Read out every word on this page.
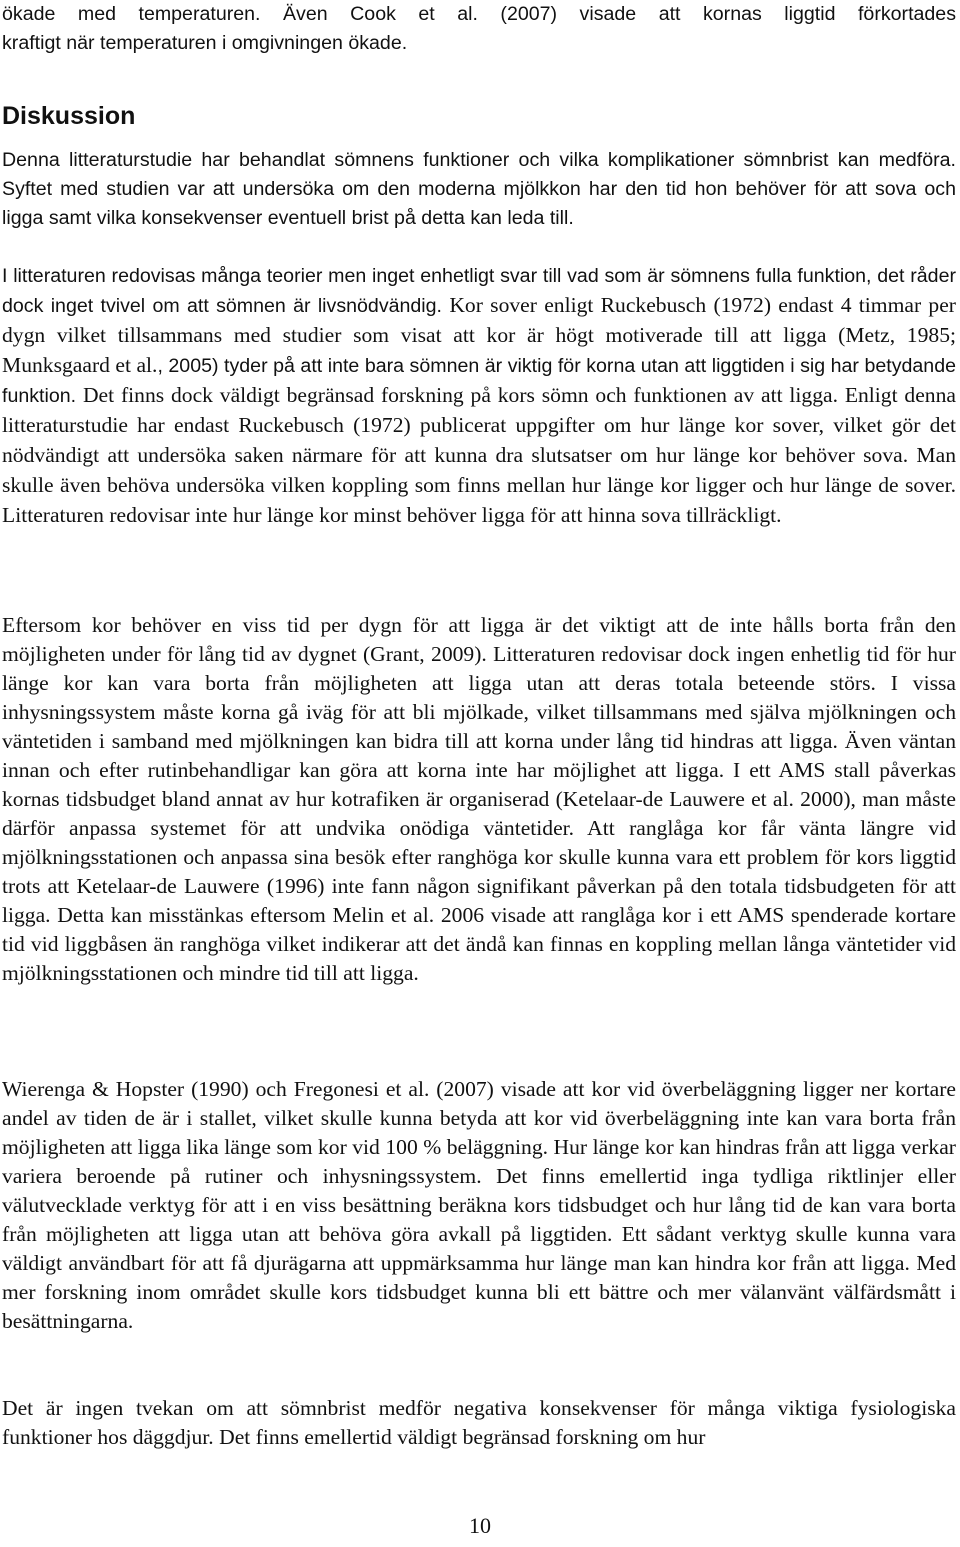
ökade med temperaturen. Även Cook et al. (2007) visade att kornas liggtid förkortades

kraftigt när temperaturen i omgivningen ökade.

Diskussion

Denna litteraturstudie har behandlat sömnens funktioner och vilka komplikationer sömnbrist kan medföra. Syftet med studien var att undersöka om den moderna mjölkkon har den tid hon behöver för att sova och ligga samt vilka konsekvenser eventuell brist på detta kan leda till.

I litteraturen redovisas många teorier men inget enhetligt svar till vad som är sömnens fulla funktion, det råder dock inget tvivel om att sömnen är livsnödvändig. Kor sover enligt Ruckebusch (1972) endast 4 timmar per dygn vilket tillsammans med studier som visat att kor är högt motiverade till att ligga (Metz, 1985; Munksgaard et al., 2005) tyder på att inte bara sömnen är viktig för korna utan att liggtiden i sig har betydande funktion. Det finns dock väldigt begränsad forskning på kors sömn och funktionen av att ligga. Enligt denna litteraturstudie har endast Ruckebusch (1972) publicerat uppgifter om hur länge kor sover, vilket gör det nödvändigt att undersöka saken närmare för att kunna dra slutsatser om hur länge kor behöver sova. Man skulle även behöva undersöka vilken koppling som finns mellan hur länge kor ligger och hur länge de sover. Litteraturen redovisar inte hur länge kor minst behöver ligga för att hinna sova tillräckligt.

Eftersom kor behöver en viss tid per dygn för att ligga är det viktigt att de inte hålls borta från den möjligheten under för lång tid av dygnet (Grant, 2009). Litteraturen redovisar dock ingen enhetlig tid för hur länge kor kan vara borta från möjligheten att ligga utan att deras totala beteende störs. I vissa inhysningssystem måste korna gå iväg för att bli mjölkade, vilket tillsammans med själva mjölkningen och väntetiden i samband med mjölkningen kan bidra till att korna under lång tid hindras att ligga. Även väntan innan och efter rutinbehandligar kan göra att korna inte har möjlighet att ligga. I ett AMS stall påverkas kornas tidsbudget bland annat av hur kotrafiken är organiserad (Ketelaar-de Lauwere et al. 2000), man måste därför anpassa systemet för att undvika onödiga väntetider. Att ranglåga kor får vänta längre vid mjölkningsstationen och anpassa sina besök efter ranghöga kor skulle kunna vara ett problem för kors liggtid trots att Ketelaar-de Lauwere (1996) inte fann någon signifikant påverkan på den totala tidsbudgeten för att ligga. Detta kan misstänkas eftersom Melin et al. 2006 visade att ranglåga kor i ett AMS spenderade kortare tid vid liggbåsen än ranghöga vilket indikerar att det ändå kan finnas en koppling mellan långa väntetider vid mjölkningsstationen och mindre tid till att ligga.

Wierenga & Hopster (1990) och Fregonesi et al. (2007) visade att kor vid överbeläggning ligger ner kortare andel av tiden de är i stallet, vilket skulle kunna betyda att kor vid överbeläggning inte kan vara borta från möjligheten att ligga lika länge som kor vid 100 % beläggning. Hur länge kor kan hindras från att ligga verkar variera beroende på rutiner och inhysningssystem. Det finns emellertid inga tydliga riktlinjer eller välutvecklade verktyg för att i en viss besättning beräkna kors tidsbudget och hur lång tid de kan vara borta från möjligheten att ligga utan att behöva göra avkall på liggtiden. Ett sådant verktyg skulle kunna vara väldigt användbart för att få djurägarna att uppmärksamma hur länge man kan hindra kor från att ligga. Med mer forskning inom området skulle kors tidsbudget kunna bli ett bättre och mer välanvänt välfärdsmått i besättningarna.

Det är ingen tvekan om att sömnbrist medför negativa konsekvenser för många viktiga fysiologiska funktioner hos däggdjur. Det finns emellertid väldigt begränsad forskning om hur

10
